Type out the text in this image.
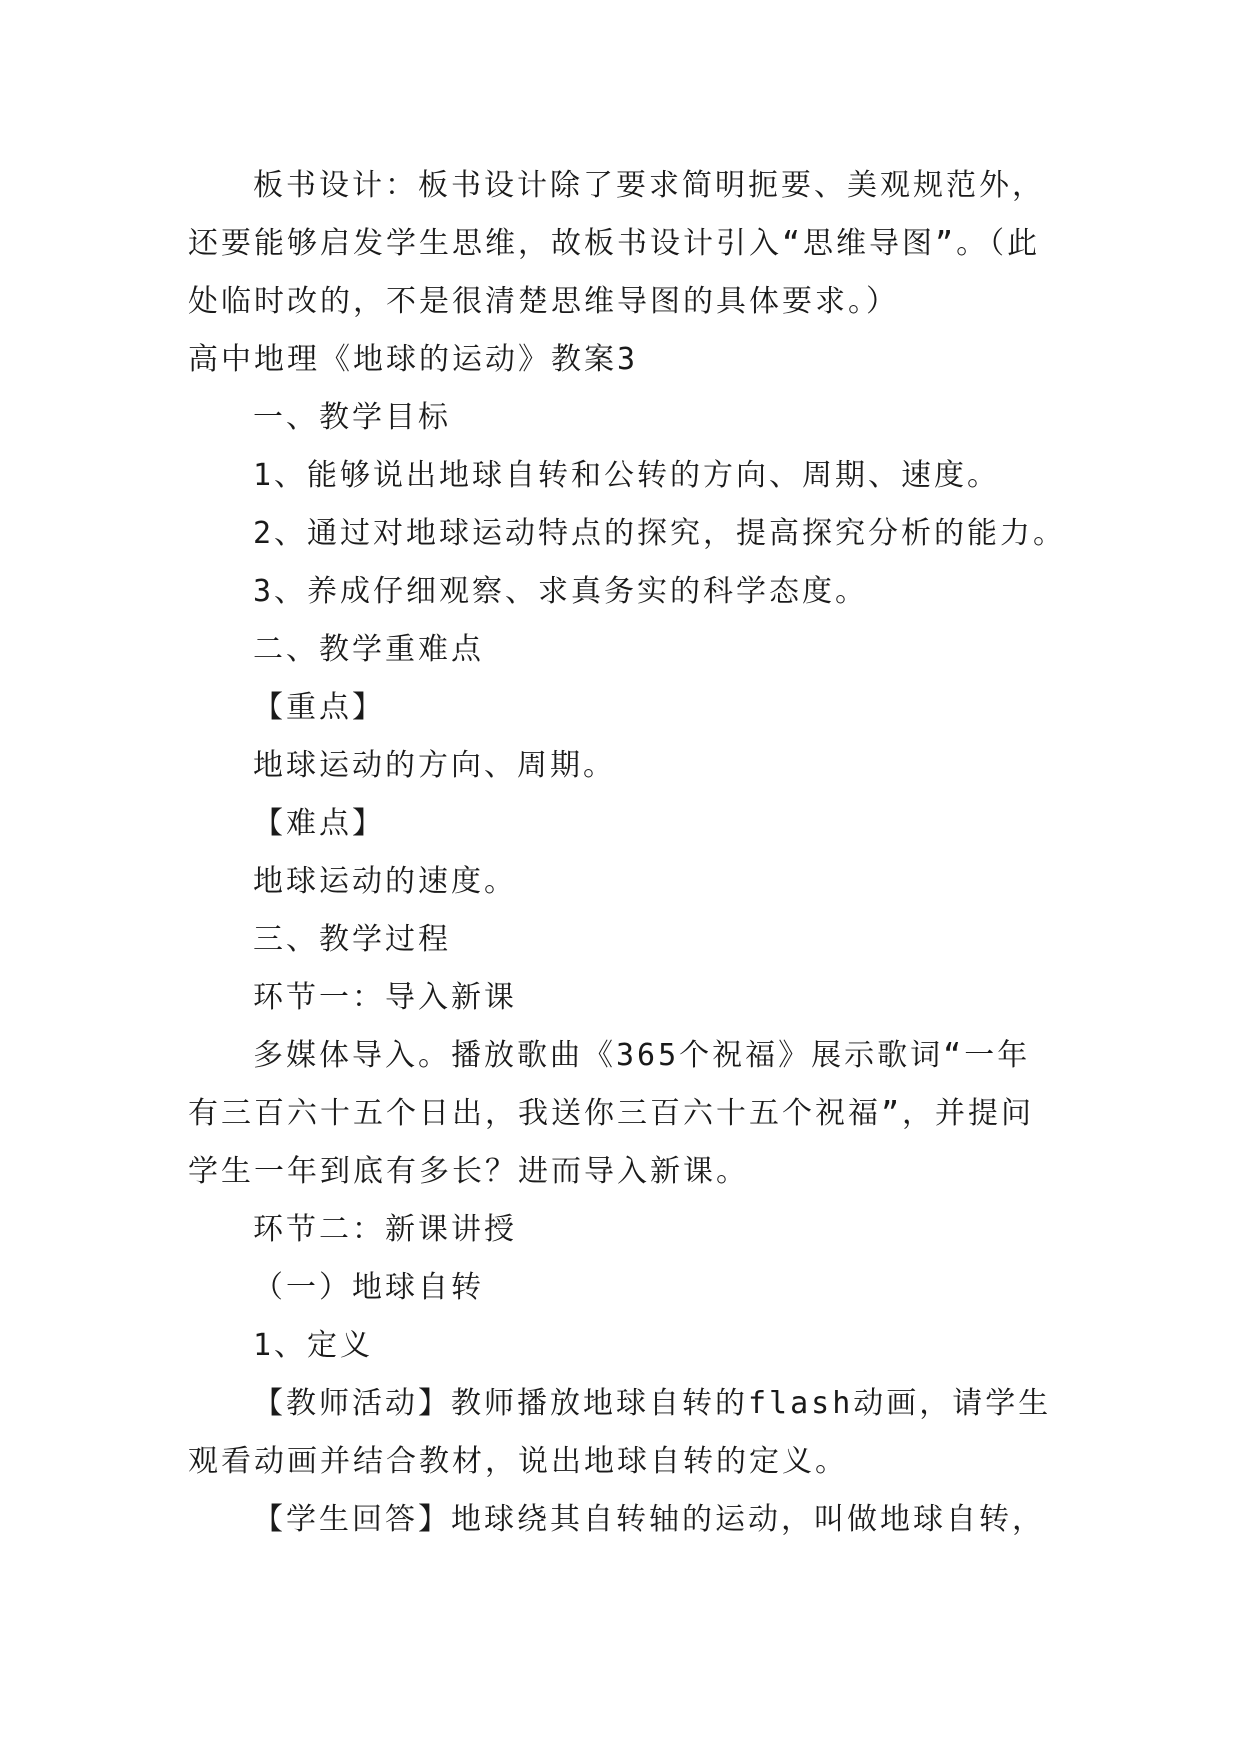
板书设计：板书设计除了要求简明扼要、美观规范外，

还要能够启发学生思维，故板书设计引入“思维导图”。（此

处临时改的，不是很清楚思维导图的具体要求。）

高中地理《地球的运动》教案3

一、教学目标

1、能够说出地球自转和公转的方向、周期、速度。

2、通过对地球运动特点的探究，提高探究分析的能力。

3、养成仔细观察、求真务实的科学态度。

二、教学重难点

【重点】

地球运动的方向、周期。

【难点】

地球运动的速度。

三、教学过程

环节一：导入新课

多媒体导入。播放歌曲《365个祝福》展示歌词“一年

有三百六十五个日出，我送你三百六十五个祝福”，并提问

学生一年到底有多长？进而导入新课。

环节二：新课讲授

（一）地球自转

1、定义

【教师活动】教师播放地球自转的flash动画，请学生

观看动画并结合教材，说出地球自转的定义。

【学生回答】地球绕其自转轴的运动，叫做地球自转，
